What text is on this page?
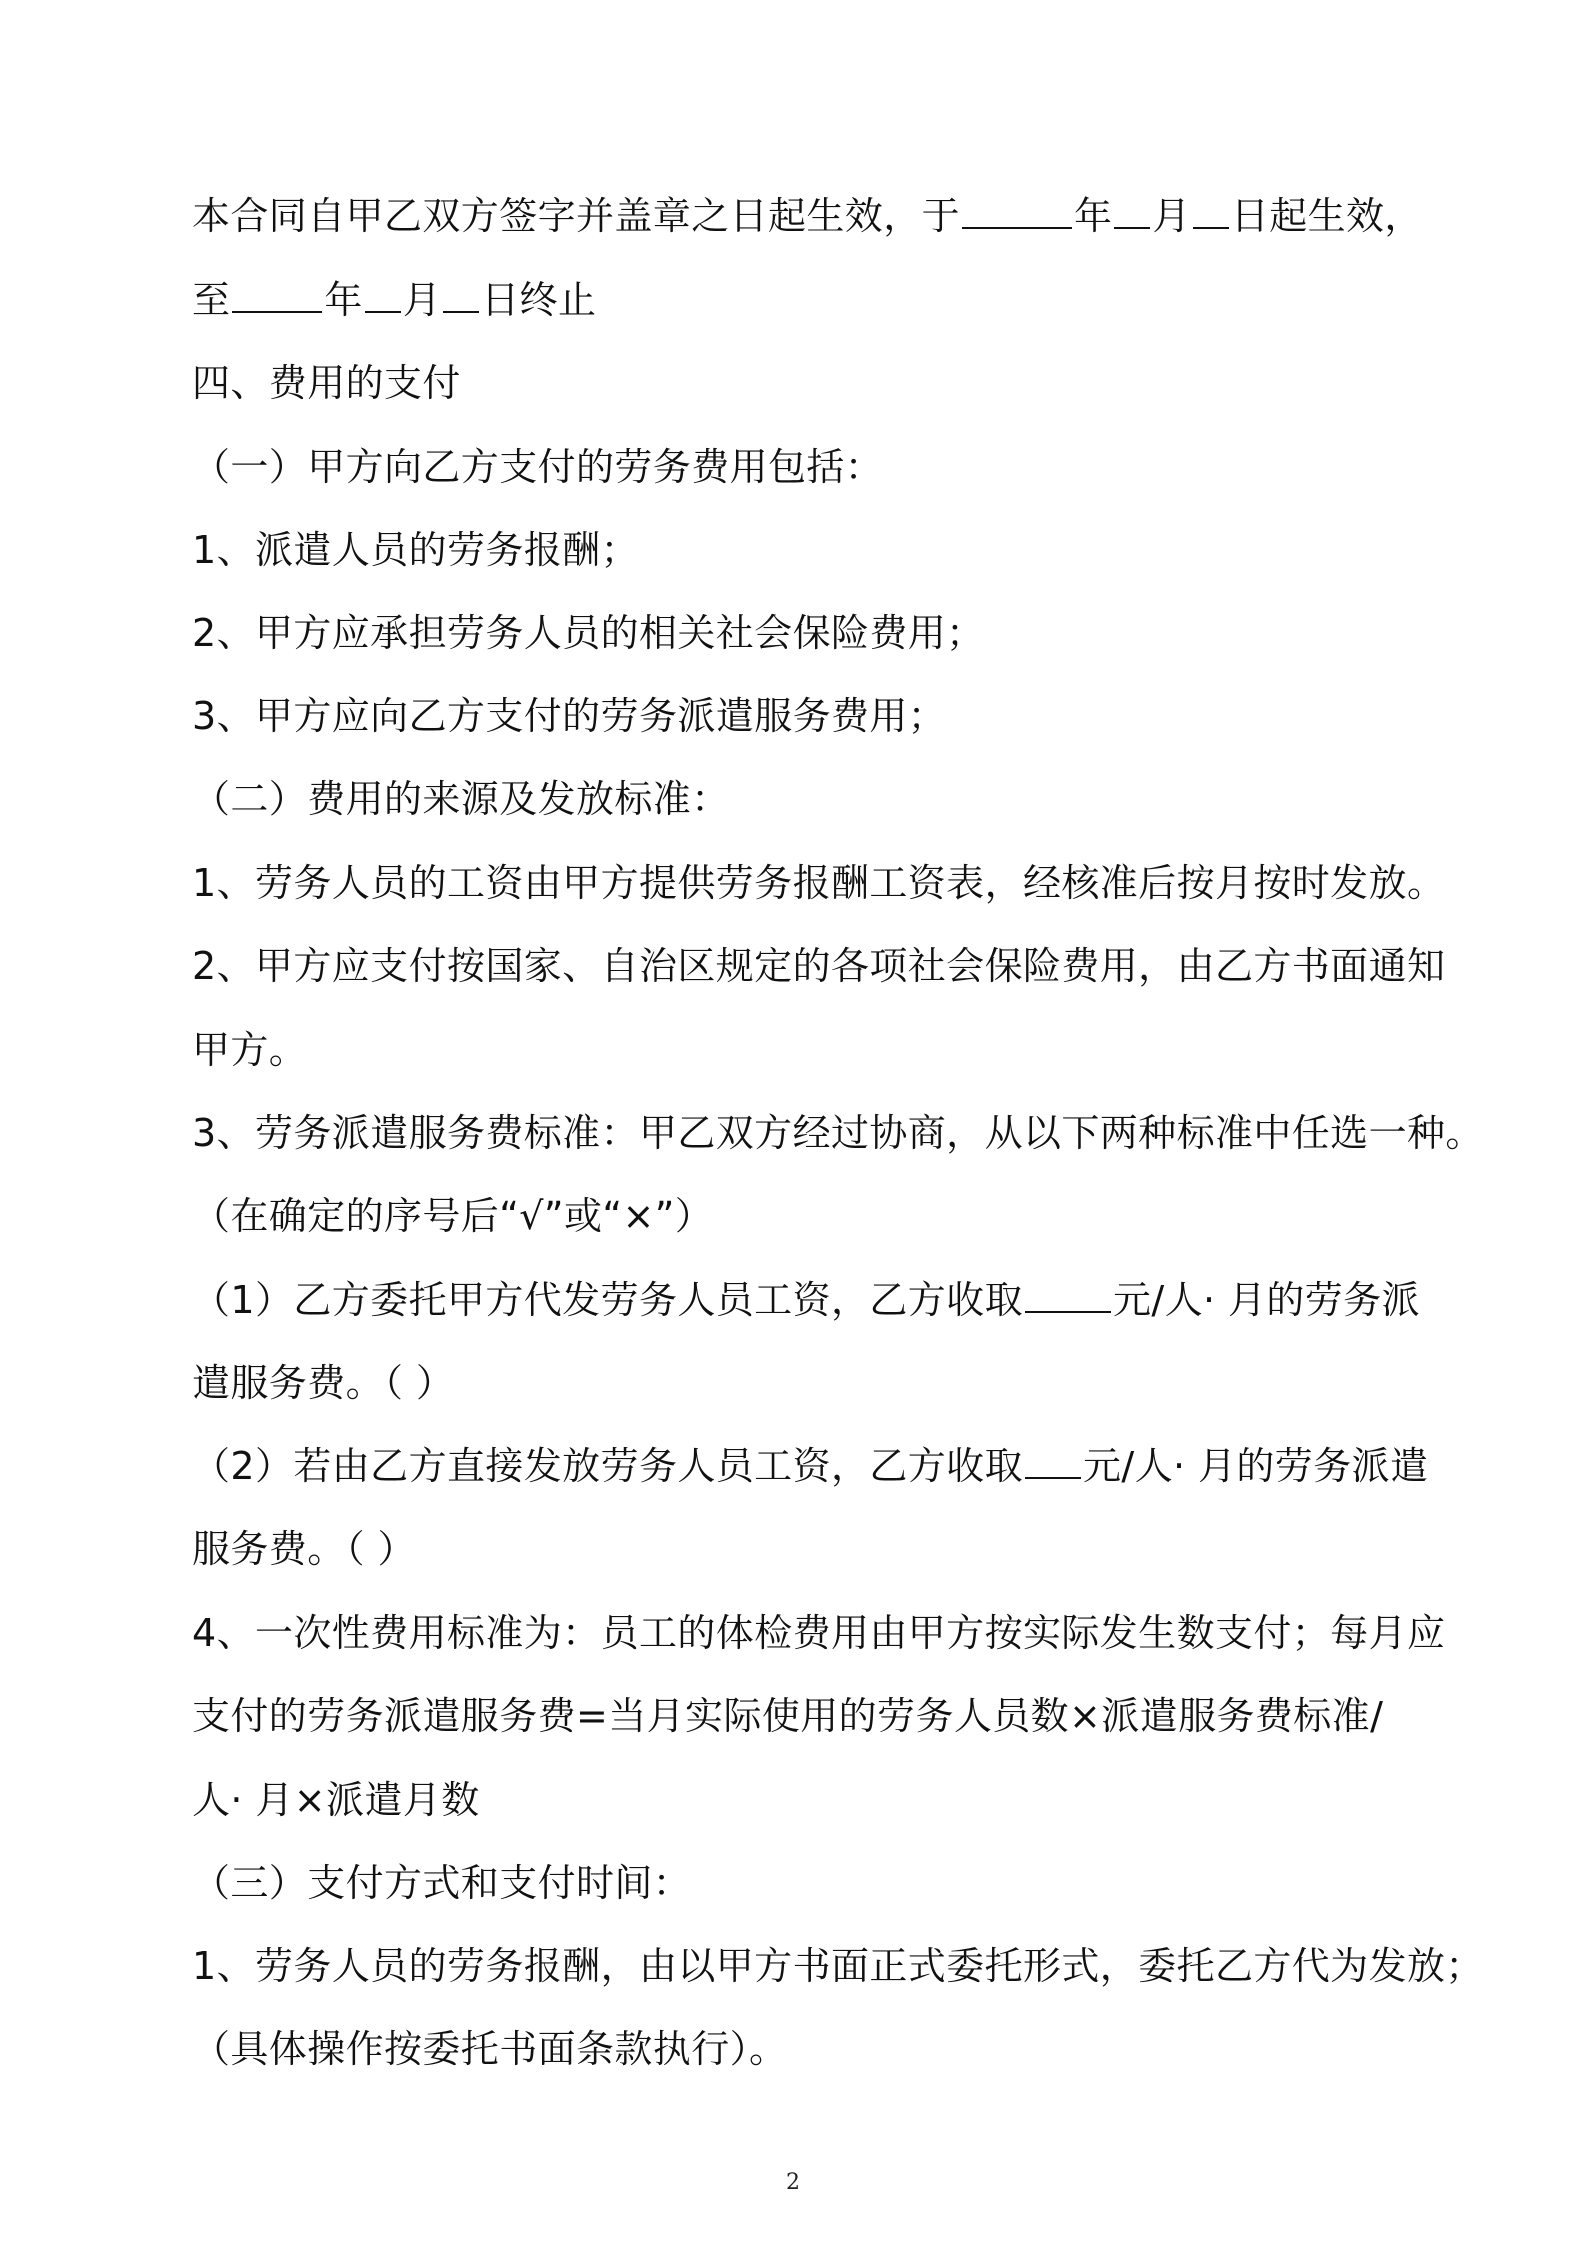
本合同自甲乙双方签字并盖章之日起生效，于	年 月 日起生效，
至 年 月 日终止
四、费用的支付
（一）甲方向乙方支付的劳务费用包括：
1、派遣人员的劳务报酬；
2、甲方应承担劳务人员的相关社会保险费用；
3、甲方应向乙方支付的劳务派遣服务费用；
（二）费用的来源及发放标准：
1、劳务人员的工资由甲方提供劳务报酬工资表，经核准后按月按时发放。
2、甲方应支付按国家、自治区规定的各项社会保险费用，由乙方书面通知
甲方。
3、劳务派遣服务费标准：甲乙双方经过协商，从以下两种标准中任选一种。
（在确定的序号后“√”或“×”）
（1）乙方委托甲方代发劳务人员工资，乙方收取 元/人· 月的劳务派
遣服务费。（ ）
（2）若由乙方直接发放劳务人员工资，乙方收取 元/人· 月的劳务派遣
服务费。（ ）
4、一次性费用标准为：员工的体检费用由甲方按实际发生数支付；每月应
支付的劳务派遣服务费=当月实际使用的劳务人员数×派遣服务费标准/
人· 月×派遣月数
（三）支付方式和支付时间：
1、劳务人员的劳务报酬，由以甲方书面正式委托形式，委托乙方代为发放；
（具体操作按委托书面条款执行）。
2
